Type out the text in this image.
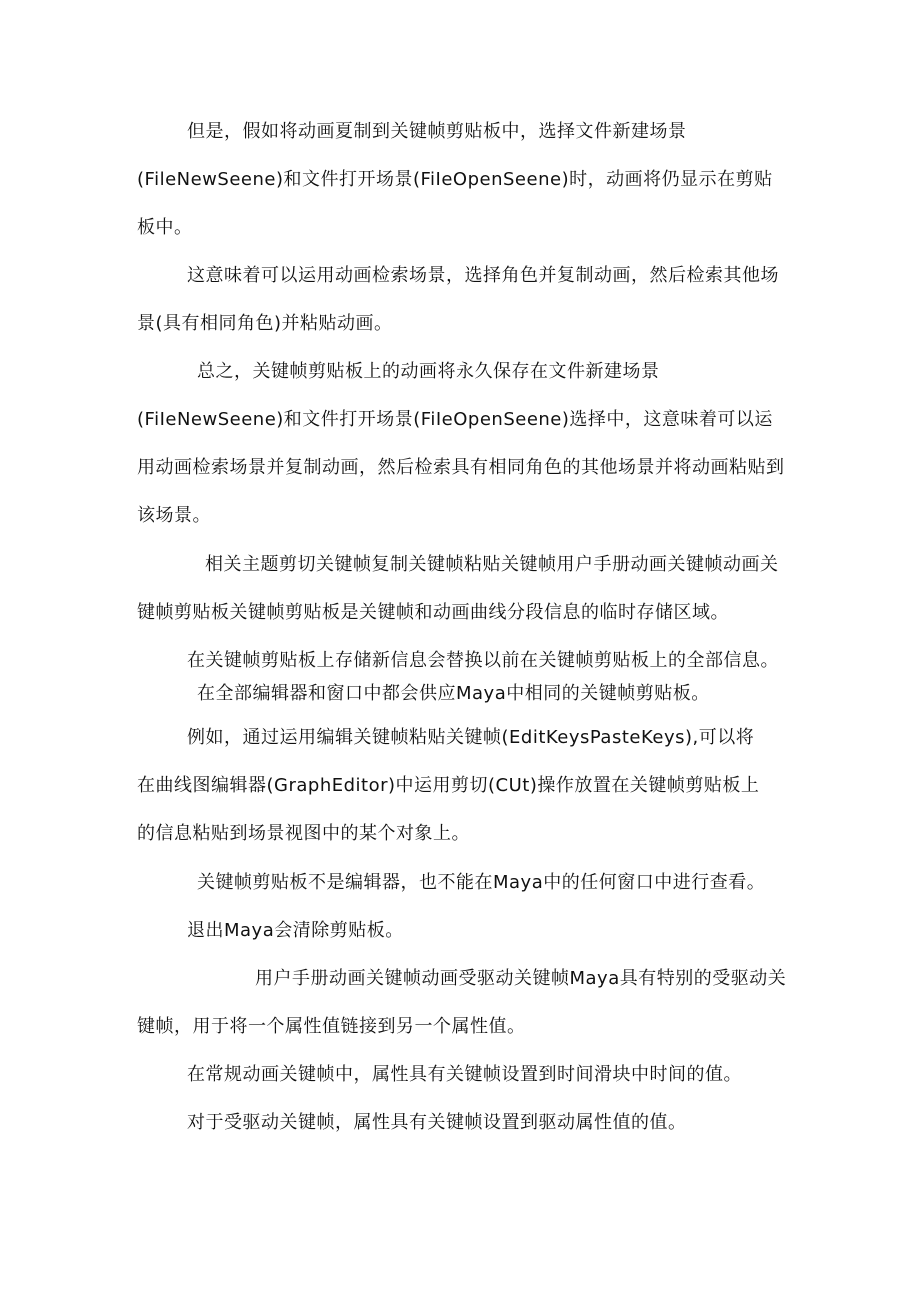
但是，假如将动画夏制到关键帧剪贴板中，选择文件新建场景
(FileNewSeene)和文件打开场景(FiIeOpenSeene)时，动画将仍显示在剪贴
板中。
这意味着可以运用动画检索场景，选择角色并复制动画，然后检索其他场
景(具有相同角色)并粘贴动画。
总之，关键帧剪贴板上的动画将永久保存在文件新建场景
(FiIeNewSeene)和文件打开场景(FiIeOpenSeene)选择中，这意味着可以运
用动画检索场景并复制动画，然后检索具有相同角色的其他场景并将动画粘贴到
该场景。
相关主题剪切关键帧复制关键帧粘贴关键帧用户手册动画关键帧动画关
键帧剪贴板关键帧剪贴板是关键帧和动画曲线分段信息的临时存储区域。
在关键帧剪贴板上存储新信息会替换以前在关键帧剪贴板上的全部信息。
在全部编辑器和窗口中都会供应Maya中相同的关键帧剪贴板。
例如，通过运用编辑关键帧粘贴关键帧(EditKeysPasteKeys),可以将
在曲线图编辑器(GraphEditor)中运用剪切(CUt)操作放置在关键帧剪贴板上
的信息粘贴到场景视图中的某个对象上。
关键帧剪贴板不是编辑器，也不能在Maya中的任何窗口中进行查看。
退出Maya会清除剪贴板。
用户手册动画关键帧动画受驱动关键帧Maya具有特别的受驱动关
键帧，用于将一个属性值链接到另一个属性值。
在常规动画关键帧中，属性具有关键帧设置到时间滑块中时间的值。
对于受驱动关键帧，属性具有关键帧设置到驱动属性值的值。
